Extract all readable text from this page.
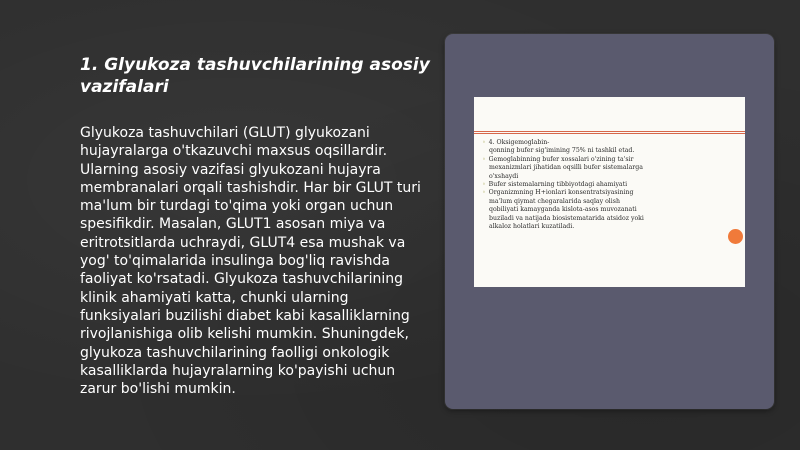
1. Glyukoza tashuvchilarining asosiy vazifalari

Glyukoza tashuvchilari (GLUT) glyukozani hujayralarga o'tkazuvchi maxsus oqsillardir. Ularning asosiy vazifasi glyukozani hujayra membranalari orqali tashishdir. Har bir GLUT turi ma'lum bir turdagi to'qima yoki organ uchun spesifikdir. Masalan, GLUT1 asosan miya va eritrotsitlarda uchraydi, GLUT4 esa mushak va yog' to'qimalarida insulinga bog'liq ravishda faoliyat ko'rsatadi. Glyukoza tashuvchilarining klinik ahamiyati katta, chunki ularning funksiyalari buzilishi diabet kabi kasalliklarning rivojlanishiga olib kelishi mumkin. Shuningdek, glyukoza tashuvchilarining faolligi onkologik kasalliklarda hujayralarning ko'payishi uchun zarur bo'lishi mumkin.

◦ 4. Oksigemoglabin-
qonning bufer sig'imining 75% ni tashkil etad.
◦ Gemoglabinning bufer xossalari o'zining ta'sir
mexanizmlari jihatidan oqsilli bufer sistemalarga
o'xshaydi
◦ Bufer sistemalarning tibbiyotdagi ahamiyati
◦ Organizmning H+ionlari konsentratsiyasining
ma'lum qiymat chegaralarida saqlay olish
qobiliyati kamayganda kislota-asos muvozanati
buziladi va natijada biosistematarida atsidoz yoki
alkaloz holatlari kuzatiladi.
